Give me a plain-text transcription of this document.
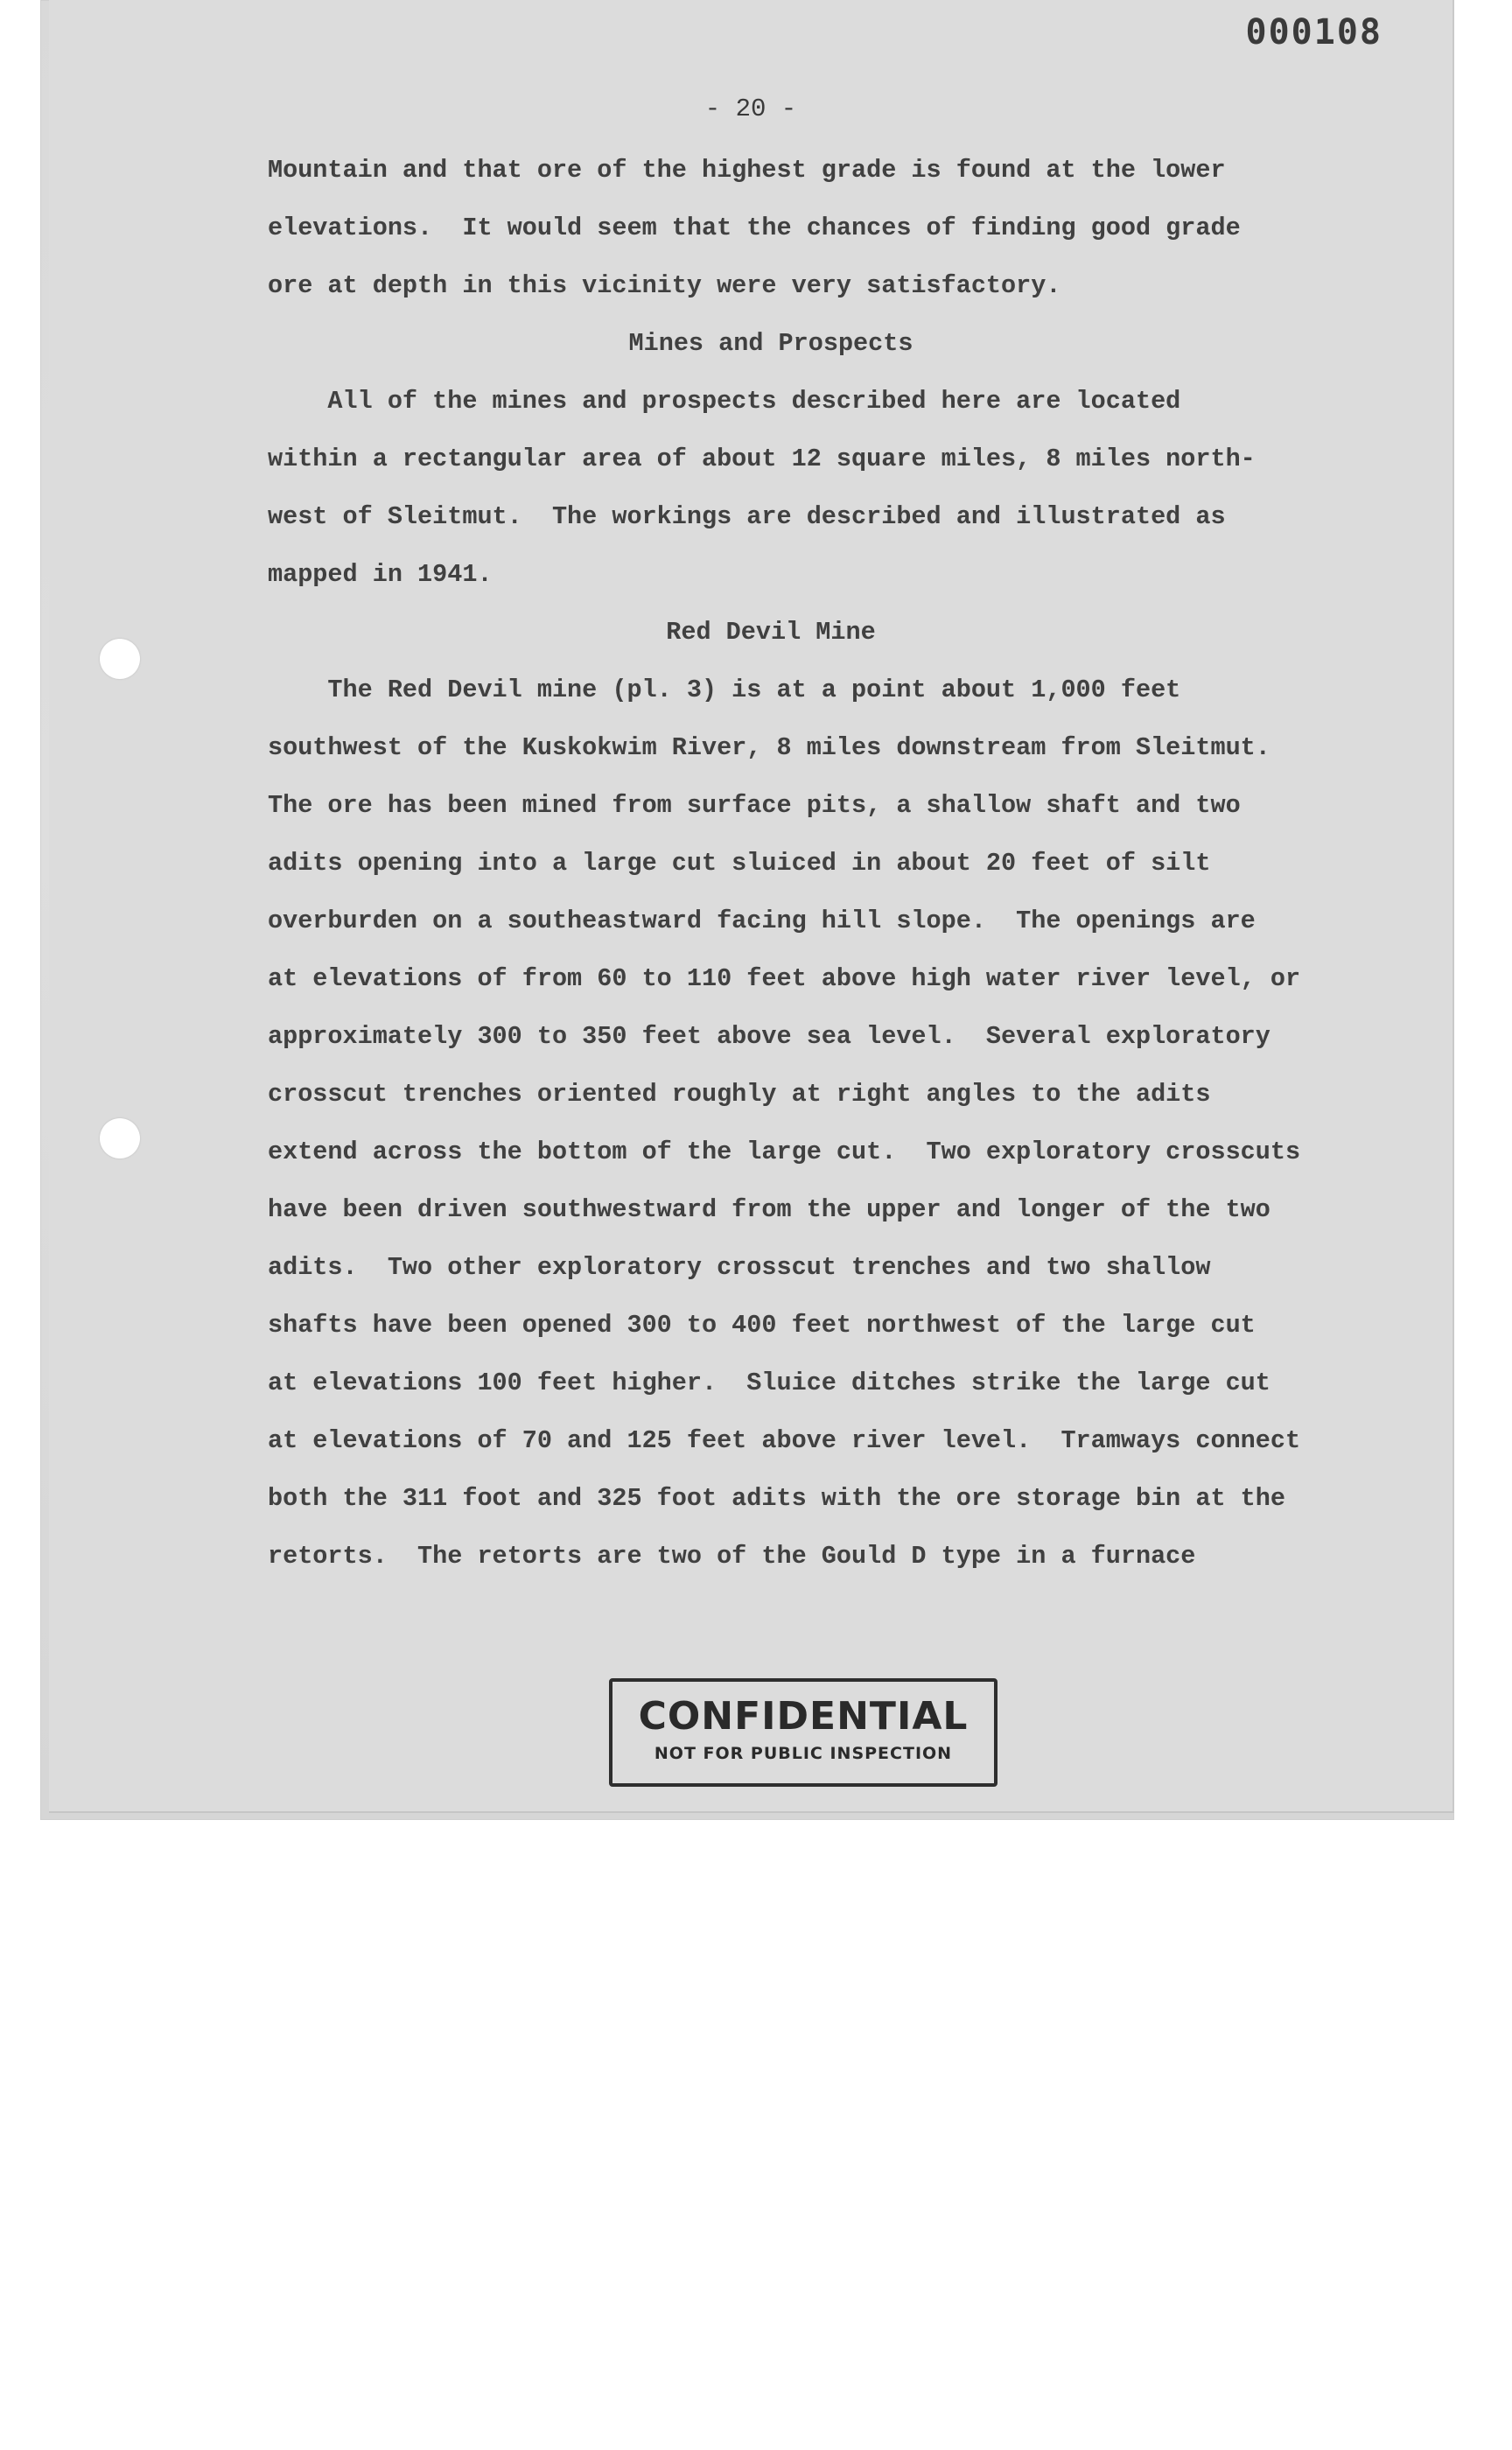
000108
- 20 -
Mountain and that ore of the highest grade is found at the lower
elevations.  It would seem that the chances of finding good grade
ore at depth in this vicinity were very satisfactory.
Mines and Prospects
All of the mines and prospects described here are located
within a rectangular area of about 12 square miles, 8 miles north-
west of Sleitmut.  The workings are described and illustrated as
mapped in 1941.
Red Devil Mine
The Red Devil mine (pl. 3) is at a point about 1,000 feet
southwest of the Kuskokwim River, 8 miles downstream from Sleitmut.
The ore has been mined from surface pits, a shallow shaft and two
adits opening into a large cut sluiced in about 20 feet of silt
overburden on a southeastward facing hill slope.  The openings are
at elevations of from 60 to 110 feet above high water river level, or
approximately 300 to 350 feet above sea level.  Several exploratory
crosscut trenches oriented roughly at right angles to the adits
extend across the bottom of the large cut.  Two exploratory crosscuts
have been driven southwestward from the upper and longer of the two
adits.  Two other exploratory crosscut trenches and two shallow
shafts have been opened 300 to 400 feet northwest of the large cut
at elevations 100 feet higher.  Sluice ditches strike the large cut
at elevations of 70 and 125 feet above river level.  Tramways connect
both the 311 foot and 325 foot adits with the ore storage bin at the
retorts.  The retorts are two of the Gould D type in a furnace
CONFIDENTIAL
NOT FOR PUBLIC INSPECTION
